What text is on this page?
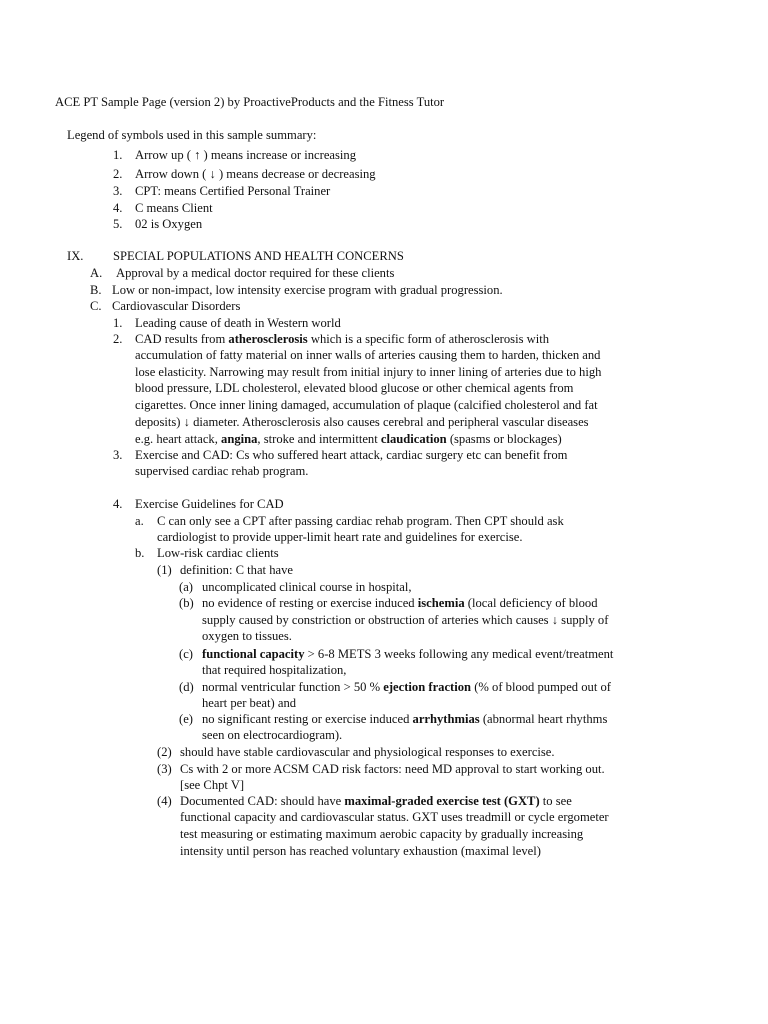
ACE PT Sample Page (version 2) by ProactiveProducts and the Fitness Tutor
Legend of symbols used in this sample summary:
1. Arrow up ( ↑ ) means increase or increasing
2. Arrow down ( ↓ ) means decrease or decreasing
3. CPT: means Certified Personal Trainer
4. C means Client
5. 02 is Oxygen
IX. SPECIAL POPULATIONS AND HEALTH CONCERNS
A. Approval by a medical doctor required for these clients
B. Low or non-impact, low intensity exercise program with gradual progression.
C. Cardiovascular Disorders
1. Leading cause of death in Western world
2. CAD results from atherosclerosis which is a specific form of atherosclerosis with
accumulation of fatty material on inner walls of arteries causing them to harden, thicken and
lose elasticity. Narrowing may result from initial injury to inner lining of arteries due to high
blood pressure, LDL cholesterol, elevated blood glucose or other chemical agents from
cigarettes. Once inner lining damaged, accumulation of plaque (calcified cholesterol and fat
deposits) ↓ diameter. Atherosclerosis also causes cerebral and peripheral vascular diseases
e.g. heart attack, angina, stroke and intermittent claudication (spasms or blockages)
3. Exercise and CAD: Cs who suffered heart attack, cardiac surgery etc can benefit from
supervised cardiac rehab program.
4. Exercise Guidelines for CAD
a. C can only see a CPT after passing cardiac rehab program. Then CPT should ask
cardiologist to provide upper-limit heart rate and guidelines for exercise.
b. Low-risk cardiac clients
(1) definition: C that have
(a) uncomplicated clinical course in hospital,
(b) no evidence of resting or exercise induced ischemia (local deficiency of blood
supply caused by constriction or obstruction of arteries which causes ↓ supply of
oxygen to tissues.
(c) functional capacity > 6-8 METS 3 weeks following any medical event/treatment
that required hospitalization,
(d) normal ventricular function > 50 % ejection fraction (% of blood pumped out of
heart per beat) and
(e) no significant resting or exercise induced arrhythmias (abnormal heart rhythms
seen on electrocardiogram).
(2) should have stable cardiovascular and physiological responses to exercise.
(3) Cs with 2 or more ACSM CAD risk factors: need MD approval to start working out.
[see Chpt V]
(4) Documented CAD: should have maximal-graded exercise test (GXT) to see
functional capacity and cardiovascular status. GXT uses treadmill or cycle ergometer
test measuring or estimating maximum aerobic capacity by gradually increasing
intensity until person has reached voluntary exhaustion (maximal level)
